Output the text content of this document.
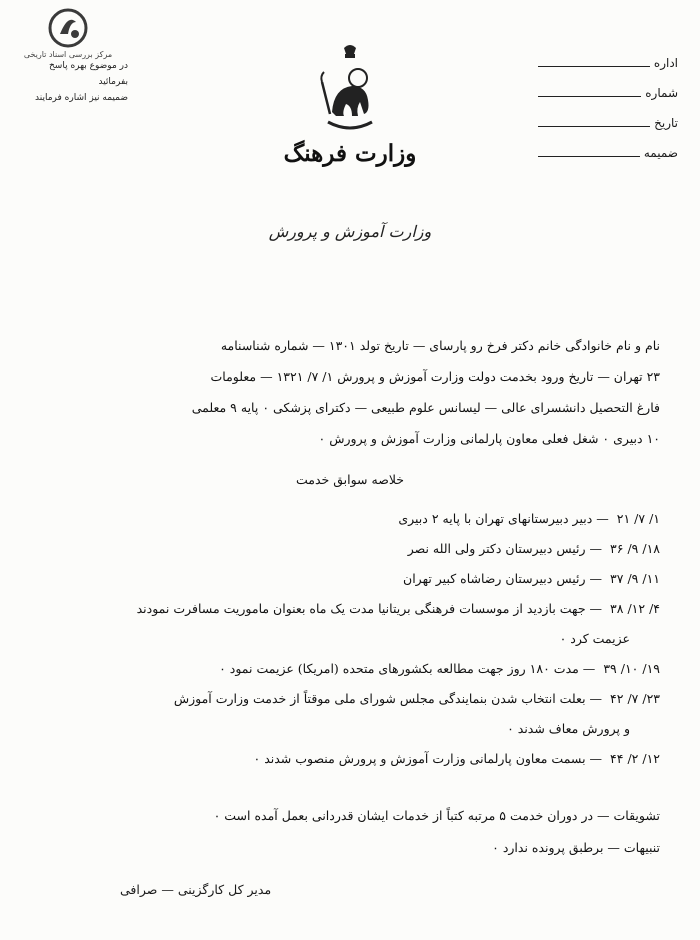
مرکز بررسی اسناد تاریخی
در موضوع بهره پاسخ بفرمائید
ضمیمه نیز اشاره فرمایند
اداره
شماره
تاریخ
ضمیمه
وزارت فرهنگ
وزارت آموزش و پرورش

نام و نام خانوادگی خانم دکتر فرخ رو پارسای — تاریخ تولد ۱۳۰۱ — شماره شناسنامه

۲۳ تهران — تاریخ ورود بخدمت دولت وزارت آموزش و پرورش ۱/ ۷/ ۱۳۲۱ — معلومات

فارغ التحصیل دانشسرای عالی — لیسانس علوم طبیعی — دکترای پزشکی ۰ پایه ۹ معلمی

۱۰ دبیری ۰ شغل فعلی معاون پارلمانی وزارت آموزش و پرورش ۰

خلاصه سوابق خدمت
۱/ ۷/ ۲۱— دبیر دبیرستانهای تهران با پایه ۲ دبیری
۱۸/ ۹/ ۳۶— رئیس دبیرستان دکتر ولی الله نصر
۱۱/ ۹/ ۳۷— رئیس دبیرستان رضاشاه کبیر تهران
۴/ ۱۲/ ۳۸— جهت بازدید از موسسات فرهنگی بریتانیا مدت یک ماه بعنوان ماموریت مسافرت نمودند
عزیمت کرد ۰
۱۹/ ۱۰/ ۳۹— مدت ۱۸۰ روز جهت مطالعه بکشورهای متحده (امریکا) عزیمت نمود ۰
۲۳/ ۷/ ۴۲— بعلت انتخاب شدن بنمایندگی مجلس شورای ملی موقتاً از خدمت وزارت آموزش
و پرورش معاف شدند ۰
۱۲/ ۲/ ۴۴— بسمت معاون پارلمانی وزارت آموزش و پرورش منصوب شدند ۰
تشویقات — در دوران خدمت ۵ مرتبه کتباً از خدمات ایشان قدردانی بعمل آمده است ۰
تنبیهات — برطبق پرونده ندارد ۰
مدیر کل کارگزینی — صرافی
